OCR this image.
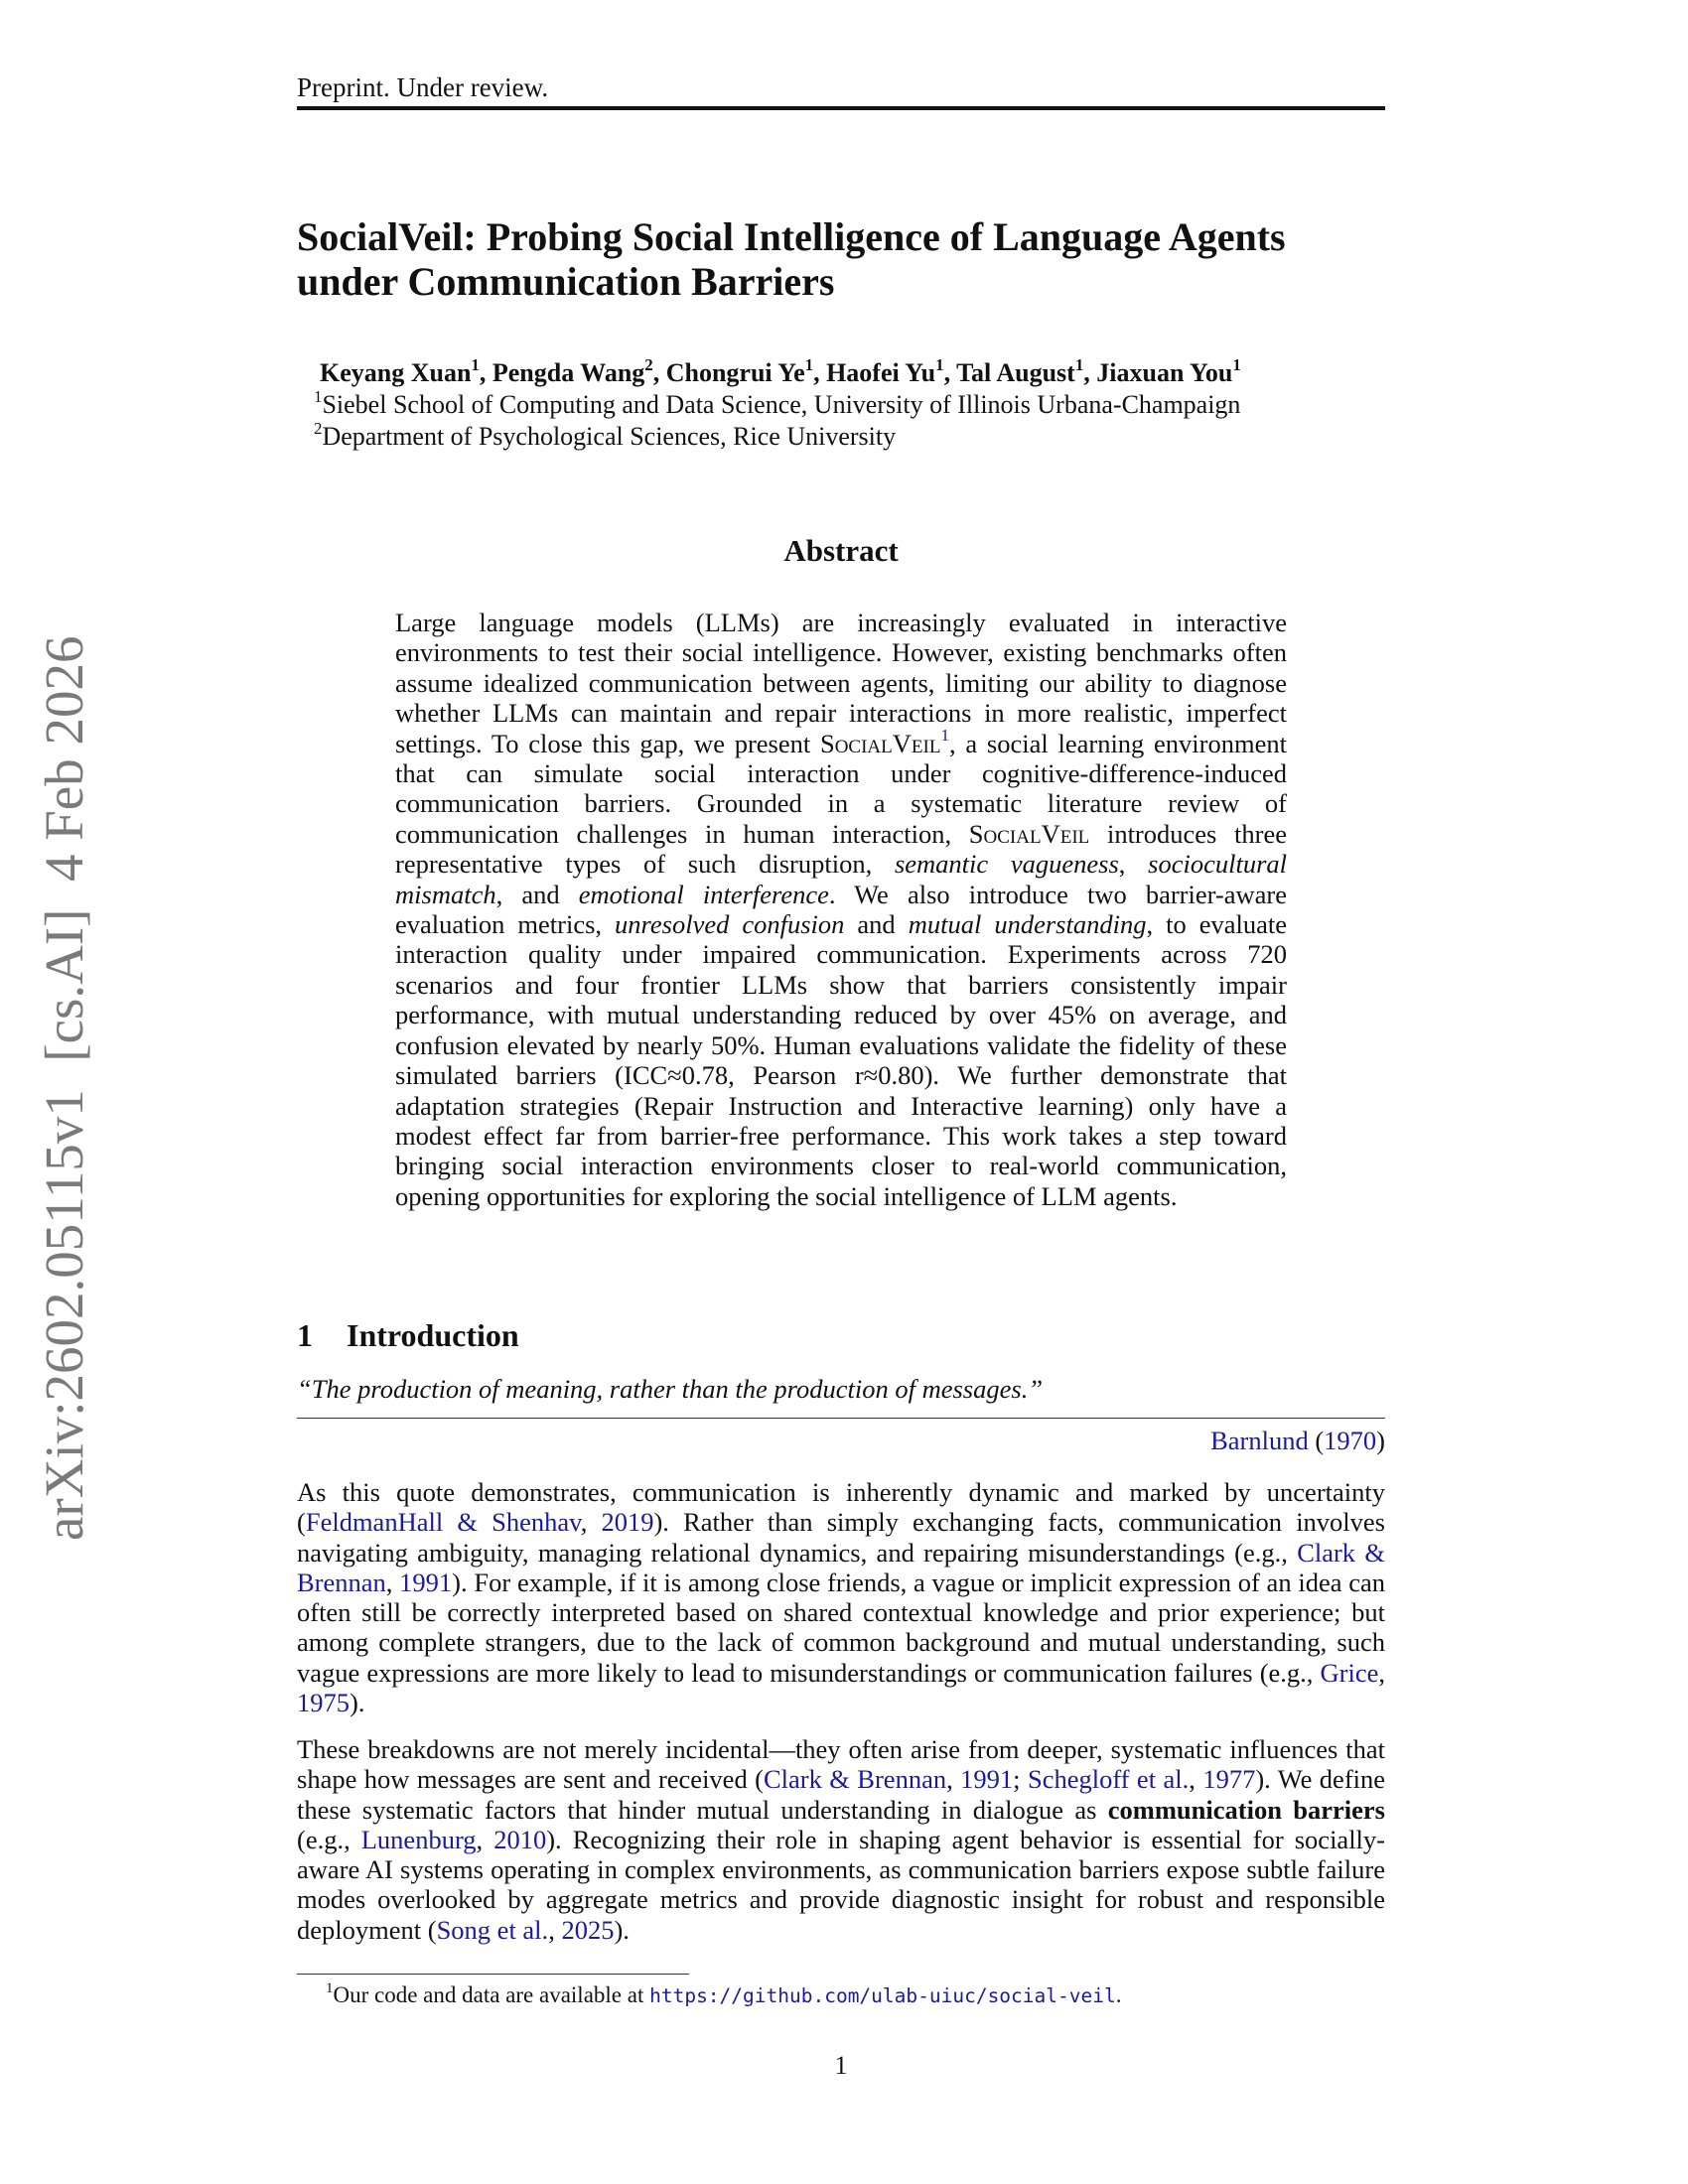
Preprint. Under review.
arXiv:2602.05115v1  [cs.AI]  4 Feb 2026
SocialVeil: Probing Social Intelligence of Language Agents
under Communication Barriers
Keyang Xuan$^1$, Pengda Wang$^2$, Chongrui Ye$^1$, Haofei Yu$^1$, Tal August$^1$, Jiaxuan You$^1$
$^1$Siebel School of Computing and Data Science, University of Illinois Urbana-Champaign
$^2$Department of Psychological Sciences, Rice University
Abstract
Large language models (LLMs) are increasingly evaluated in interactive environments to test their social intelligence. However, existing benchmarks often assume idealized communication between agents, limiting our ability to diagnose whether LLMs can maintain and repair interactions in more realistic, imperfect settings. To close this gap, we present SocialVeil$^1$, a social learning environment that can simulate social interaction under cognitive-difference-induced communication barriers. Grounded in a systematic literature review of communication challenges in human interaction, SocialVeil introduces three representative types of such disruption, semantic vagueness, sociocultural mismatch, and emotional interference. We also introduce two barrier-aware evaluation metrics, unresolved confusion and mutual understanding, to evaluate interaction quality under impaired communication. Experiments across 720 scenarios and four frontier LLMs show that barriers consistently impair performance, with mutual understanding reduced by over 45% on average, and confusion elevated by nearly 50%. Human evaluations validate the fidelity of these simulated barriers (ICC≈0.78, Pearson r≈0.80). We further demonstrate that adaptation strategies (Repair Instruction and Interactive learning) only have a modest effect far from barrier-free performance. This work takes a step toward bringing social interaction environments closer to real-world communication, opening opportunities for exploring the social intelligence of LLM agents.
1 Introduction
“The production of meaning, rather than the production of messages.”
Barnlund (1970)
As this quote demonstrates, communication is inherently dynamic and marked by uncertainty (FeldmanHall & Shenhav, 2019). Rather than simply exchanging facts, communication involves navigating ambiguity, managing relational dynamics, and repairing misunderstandings (e.g., Clark & Brennan, 1991). For example, if it is among close friends, a vague or implicit expression of an idea can often still be correctly interpreted based on shared contextual knowledge and prior experience; but among complete strangers, due to the lack of common background and mutual understanding, such vague expressions are more likely to lead to misunderstandings or communication failures (e.g., Grice, 1975).
These breakdowns are not merely incidental—they often arise from deeper, systematic influences that shape how messages are sent and received (Clark & Brennan, 1991; Schegloff et al., 1977). We define these systematic factors that hinder mutual understanding in dialogue as communication barriers (e.g., Lunenburg, 2010). Recognizing their role in shaping agent behavior is essential for socially-aware AI systems operating in complex environments, as communication barriers expose subtle failure modes overlooked by aggregate metrics and provide diagnostic insight for robust and responsible deployment (Song et al., 2025).
$^1$Our code and data are available at https://github.com/ulab-uiuc/social-veil.
1
